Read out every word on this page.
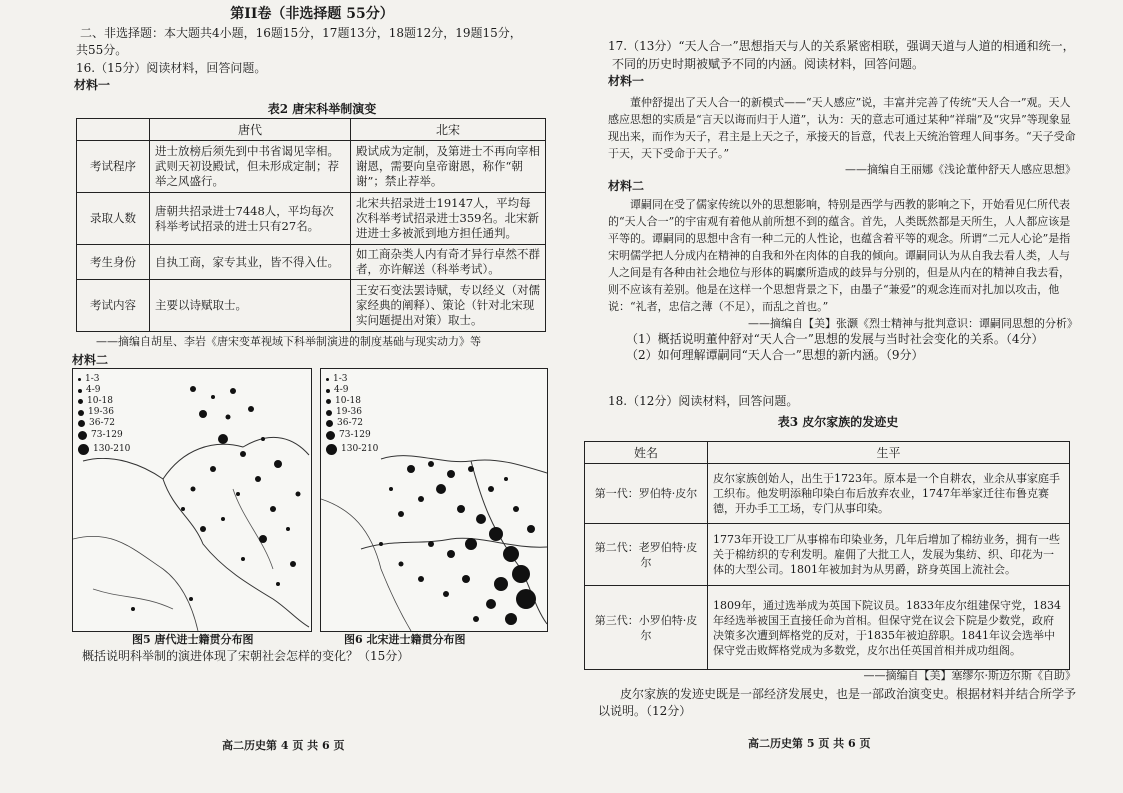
第II卷（非选择题 55分）
二、非选择题：本大题共4小题，16题15分，17题13分，18题12分，19题15分，
共55分。
16.（15分）阅读材料，回答问题。
材料一
表2 唐宋科举制演变
	唐代	北宋
考试程序	进士放榜后须先到中书省谒见宰相。武则天初设殿试，但未形成定制；荐举之风盛行。	殿试成为定制，及第进士不再向宰相谢恩，需要向皇帝谢恩，称作“朝谢”；禁止荐举。
录取人数	唐朝共招录进士7448人，平均每次科举考试招录的进士只有27名。	北宋共招录进士19147人，平均每次科举考试招录进士359名。北宋新进进士多被派到地方担任通判。
考生身份	自执工商，家专其业，皆不得入仕。	如工商杂类人内有奇才异行卓然不群者，亦许解送（科举考试）。
考试内容	主要以诗赋取士。	王安石变法罢诗赋，专以经义（对儒家经典的阐释）、策论（针对北宋现实问题提出对策）取士。
——摘编自胡星、李岩《唐宋变革视域下科举制演进的制度基础与现实动力》等
材料二
1-3
4-9
10-18
19-36
36-72
73-129
130-210
1-3
4-9
10-18
19-36
36-72
73-129
130-210
图5 唐代进士籍贯分布图	图6 北宋进士籍贯分布图
概括说明科举制的演进体现了宋朝社会怎样的变化？（15分）
高二历史第 4 页 共 6 页
17.（13分）“天人合一”思想指天与人的关系紧密相联，强调天道与人道的相通和统一，
不同的历史时期被赋予不同的内涵。阅读材料，回答问题。
材料一
董仲舒提出了天人合一的新模式——“天人感应”说，丰富并完善了传统“天人合一”观。天人感应思想的实质是“言天以诲而归于人道”，认为：天的意志可通过某种“祥瑞”及“灾异”等现象显现出来，而作为天子，君主是上天之子，承接天的旨意，代表上天统治管理人间事务。“天子受命于天，天下受命于天子。”
——摘编自王丽娜《浅论董仲舒天人感应思想》
材料二
谭嗣同在受了儒家传统以外的思想影响，特别是西学与西教的影响之下，开始看见仁所代表的“天人合一”的宇宙观有着他从前所想不到的蕴含。首先，人类既然都是天所生，人人都应该是平等的。谭嗣同的思想中含有一种二元的人性论，也蕴含着平等的观念。所谓“二元人心论”是指宋明儒学把人分成内在精神的自我和外在肉体的自我的倾向。谭嗣同认为从自我去看人类，人与人之间是有各种由社会地位与形体的羁縻所造成的歧异与分别的，但是从内在的精神自我去看，则不应该有差别。他是在这样一个思想背景之下，由墨子“兼爱”的观念连而对扎加以攻击，他说：“礼者，忠信之薄（不足），而乱之首也。”
——摘编自【美】张灏《烈士精神与批判意识：谭嗣同思想的分析》
（1）概括说明董仲舒对“天人合一”思想的发展与当时社会变化的关系。（4分）
（2）如何理解谭嗣同“天人合一”思想的新内涵。（9分）
18.（12分）阅读材料，回答问题。
表3 皮尔家族的发迹史
姓名	生平
第一代：罗伯特·皮尔	皮尔家族创始人，出生于1723年。原本是一个自耕农，业余从事家庭手工织布。他发明添釉印染白布后放弃农业，1747年举家迁往布鲁克赛德，开办手工工场，专门从事印染。
第二代：老罗伯特·皮尔	1773年开设工厂从事棉布印染业务，几年后增加了棉纺业务，拥有一些关于棉纺织的专利发明。雇佣了大批工人，发展为集纺、织、印花为一体的大型公司。1801年被加封为从男爵，跻身英国上流社会。
第三代：小罗伯特·皮尔	1809年，通过选举成为英国下院议员。1833年皮尔组建保守党，1834年经选举被国王直接任命为首相。但保守党在议会下院是少数党，政府决策多次遭到辉格党的反对，于1835年被迫辞职。1841年议会选举中保守党击败辉格党成为多数党，皮尔出任英国首相并成功组阁。
——摘编自【美】塞缪尔·斯迈尔斯《自助》
皮尔家族的发迹史既是一部经济发展史，也是一部政治演变史。根据材料并结合所学予
以说明。（12分）
高二历史第 5 页 共 6 页
